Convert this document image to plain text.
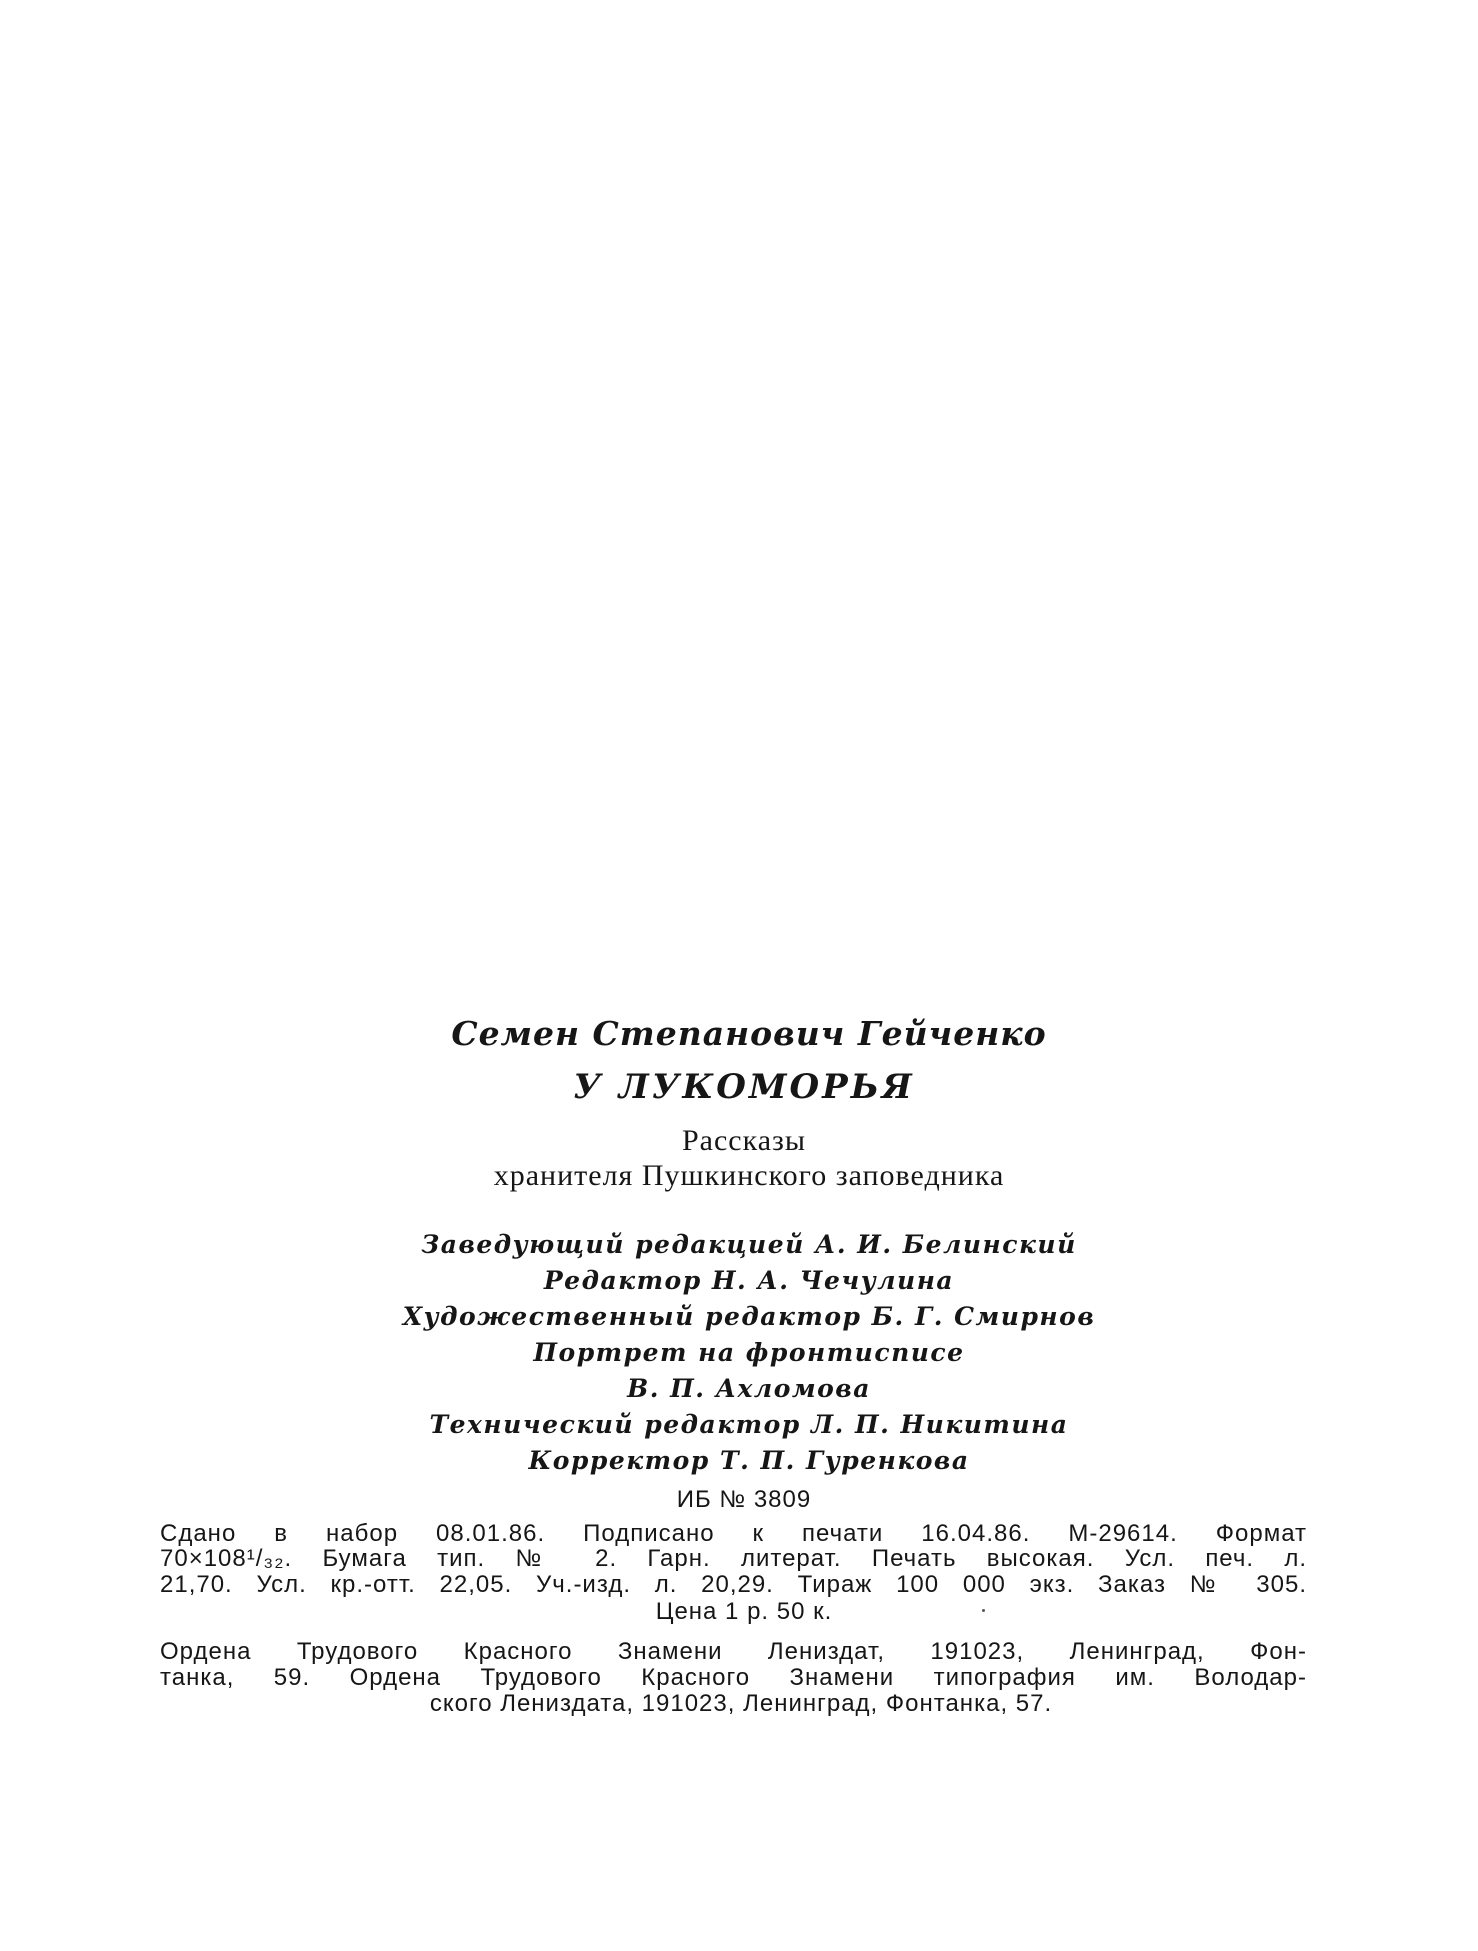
Семен Степанович Гейченко
У ЛУКОМОРЬЯ
Рассказы
хранителя Пушкинского заповедника
Заведующий редакцией А. И. Белинский
Редактор Н. А. Чечулина
Художественный редактор Б. Г. Смирнов
Портрет на фронтисписе
В. П. Ахломова
Технический редактор Л. П. Никитина
Корректор Т. П. Гуренкова
ИБ № 3809
Сдано в набор 08.01.86. Подписано к печати 16.04.86. М-29614. Формат
70×108¹/₃₂. Бумага тип. № 2. Гарн. литерат. Печать высокая. Усл. печ. л.
21,70. Усл. кр.-отт. 22,05. Уч.-изд. л. 20,29. Тираж 100 000 экз. Заказ № 305.
Цена 1 р. 50 к.
Ордена Трудового Красного Знамени Лениздат, 191023, Ленинград, Фон-
танка, 59. Ордена Трудового Красного Знамени типография им. Володар-
ского Лениздата, 191023, Ленинград, Фонтанка, 57.
